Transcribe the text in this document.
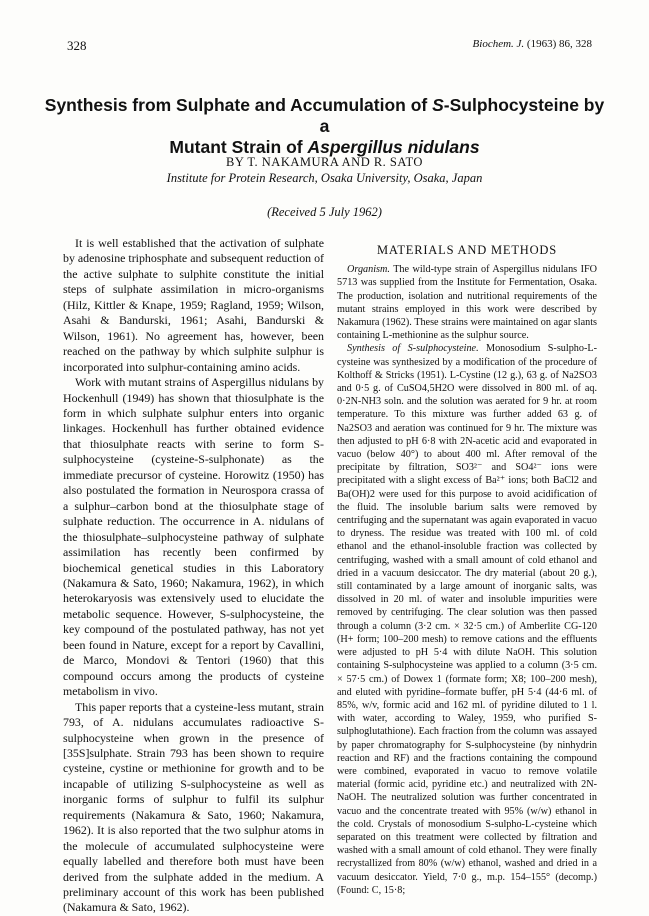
328	Biochem. J. (1963) 86, 328
Synthesis from Sulphate and Accumulation of S-Sulphocysteine by a
Mutant Strain of Aspergillus nidulans
BY T. NAKAMURA AND R. SATO
Institute for Protein Research, Osaka University, Osaka, Japan
(Received 5 July 1962)

It is well established that the activation of sulphate by adenosine triphosphate and subsequent reduction of the active sulphate to sulphite constitute the initial steps of sulphate assimilation in micro-organisms (Hilz, Kittler & Knape, 1959; Ragland, 1959; Wilson, Asahi & Bandurski, 1961; Asahi, Bandurski & Wilson, 1961). No agreement has, however, been reached on the pathway by which sulphite sulphur is incorporated into sulphur-containing amino acids.

Work with mutant strains of Aspergillus nidulans by Hockenhull (1949) has shown that thiosulphate is the form in which sulphate sulphur enters into organic linkages. Hockenhull has further obtained evidence that thiosulphate reacts with serine to form S-sulphocysteine (cysteine-S-sulphonate) as the immediate precursor of cysteine. Horowitz (1950) has also postulated the formation in Neurospora crassa of a sulphur–carbon bond at the thiosulphate stage of sulphate reduction. The occurrence in A. nidulans of the thiosulphate–sulphocysteine pathway of sulphate assimilation has recently been confirmed by biochemical genetical studies in this Laboratory (Nakamura & Sato, 1960; Nakamura, 1962), in which heterokaryosis was extensively used to elucidate the metabolic sequence. However, S-sulphocysteine, the key compound of the postulated pathway, has not yet been found in Nature, except for a report by Cavallini, de Marco, Mondovi & Tentori (1960) that this compound occurs among the products of cysteine metabolism in vivo.

This paper reports that a cysteine-less mutant, strain 793, of A. nidulans accumulates radioactive S-sulphocysteine when grown in the presence of [35S]sulphate. Strain 793 has been shown to require cysteine, cystine or methionine for growth and to be incapable of utilizing S-sulphocysteine as well as inorganic forms of sulphur to fulfil its sulphur requirements (Nakamura & Sato, 1960; Nakamura, 1962). It is also reported that the two sulphur atoms in the molecule of accumulated sulphocysteine were equally labelled and therefore both must have been derived from the sulphate added in the medium. A preliminary account of this work has been published (Nakamura & Sato, 1962).

MATERIALS AND METHODS

Organism. The wild-type strain of Aspergillus nidulans IFO 5713 was supplied from the Institute for Fermentation, Osaka. The production, isolation and nutritional requirements of the mutant strains employed in this work were described by Nakamura (1962). These strains were maintained on agar slants containing L-methionine as the sulphur source.

Synthesis of S-sulphocysteine. Monosodium S-sulpho-L-cysteine was synthesized by a modification of the procedure of Kolthoff & Stricks (1951). L-Cystine (12 g.), 63 g. of Na2SO3 and 0·5 g. of CuSO4,5H2O were dissolved in 800 ml. of aq. 0·2N-NH3 soln. and the solution was aerated for 9 hr. at room temperature. To this mixture was further added 63 g. of Na2SO3 and aeration was continued for 9 hr. The mixture was then adjusted to pH 6·8 with 2N-acetic acid and evaporated in vacuo (below 40°) to about 400 ml. After removal of the precipitate by filtration, SO3²⁻ and SO4²⁻ ions were precipitated with a slight excess of Ba²⁺ ions; both BaCl2 and Ba(OH)2 were used for this purpose to avoid acidification of the fluid. The insoluble barium salts were removed by centrifuging and the supernatant was again evaporated in vacuo to dryness. The residue was treated with 100 ml. of cold ethanol and the ethanol-insoluble fraction was collected by centrifuging, washed with a small amount of cold ethanol and dried in a vacuum desiccator. The dry material (about 20 g.), still contaminated by a large amount of inorganic salts, was dissolved in 20 ml. of water and insoluble impurities were removed by centrifuging. The clear solution was then passed through a column (3·2 cm. × 32·5 cm.) of Amberlite CG-120 (H+ form; 100–200 mesh) to remove cations and the effluents were adjusted to pH 5·4 with dilute NaOH. This solution containing S-sulphocysteine was applied to a column (3·5 cm. × 57·5 cm.) of Dowex 1 (formate form; X8; 100–200 mesh), and eluted with pyridine–formate buffer, pH 5·4 (44·6 ml. of 85%, w/v, formic acid and 162 ml. of pyridine diluted to 1 l. with water, according to Waley, 1959, who purified S-sulphoglutathione). Each fraction from the column was assayed by paper chromatography for S-sulphocysteine (by ninhydrin reaction and RF) and the fractions containing the compound were combined, evaporated in vacuo to remove volatile material (formic acid, pyridine etc.) and neutralized with 2N-NaOH. The neutralized solution was further concentrated in vacuo and the concentrate treated with 95% (w/w) ethanol in the cold. Crystals of monosodium S-sulpho-L-cysteine which separated on this treatment were collected by filtration and washed with a small amount of cold ethanol. They were finally recrystallized from 80% (w/w) ethanol, washed and dried in a vacuum desiccator. Yield, 7·0 g., m.p. 154–155° (decomp.) (Found: C, 15·8;
